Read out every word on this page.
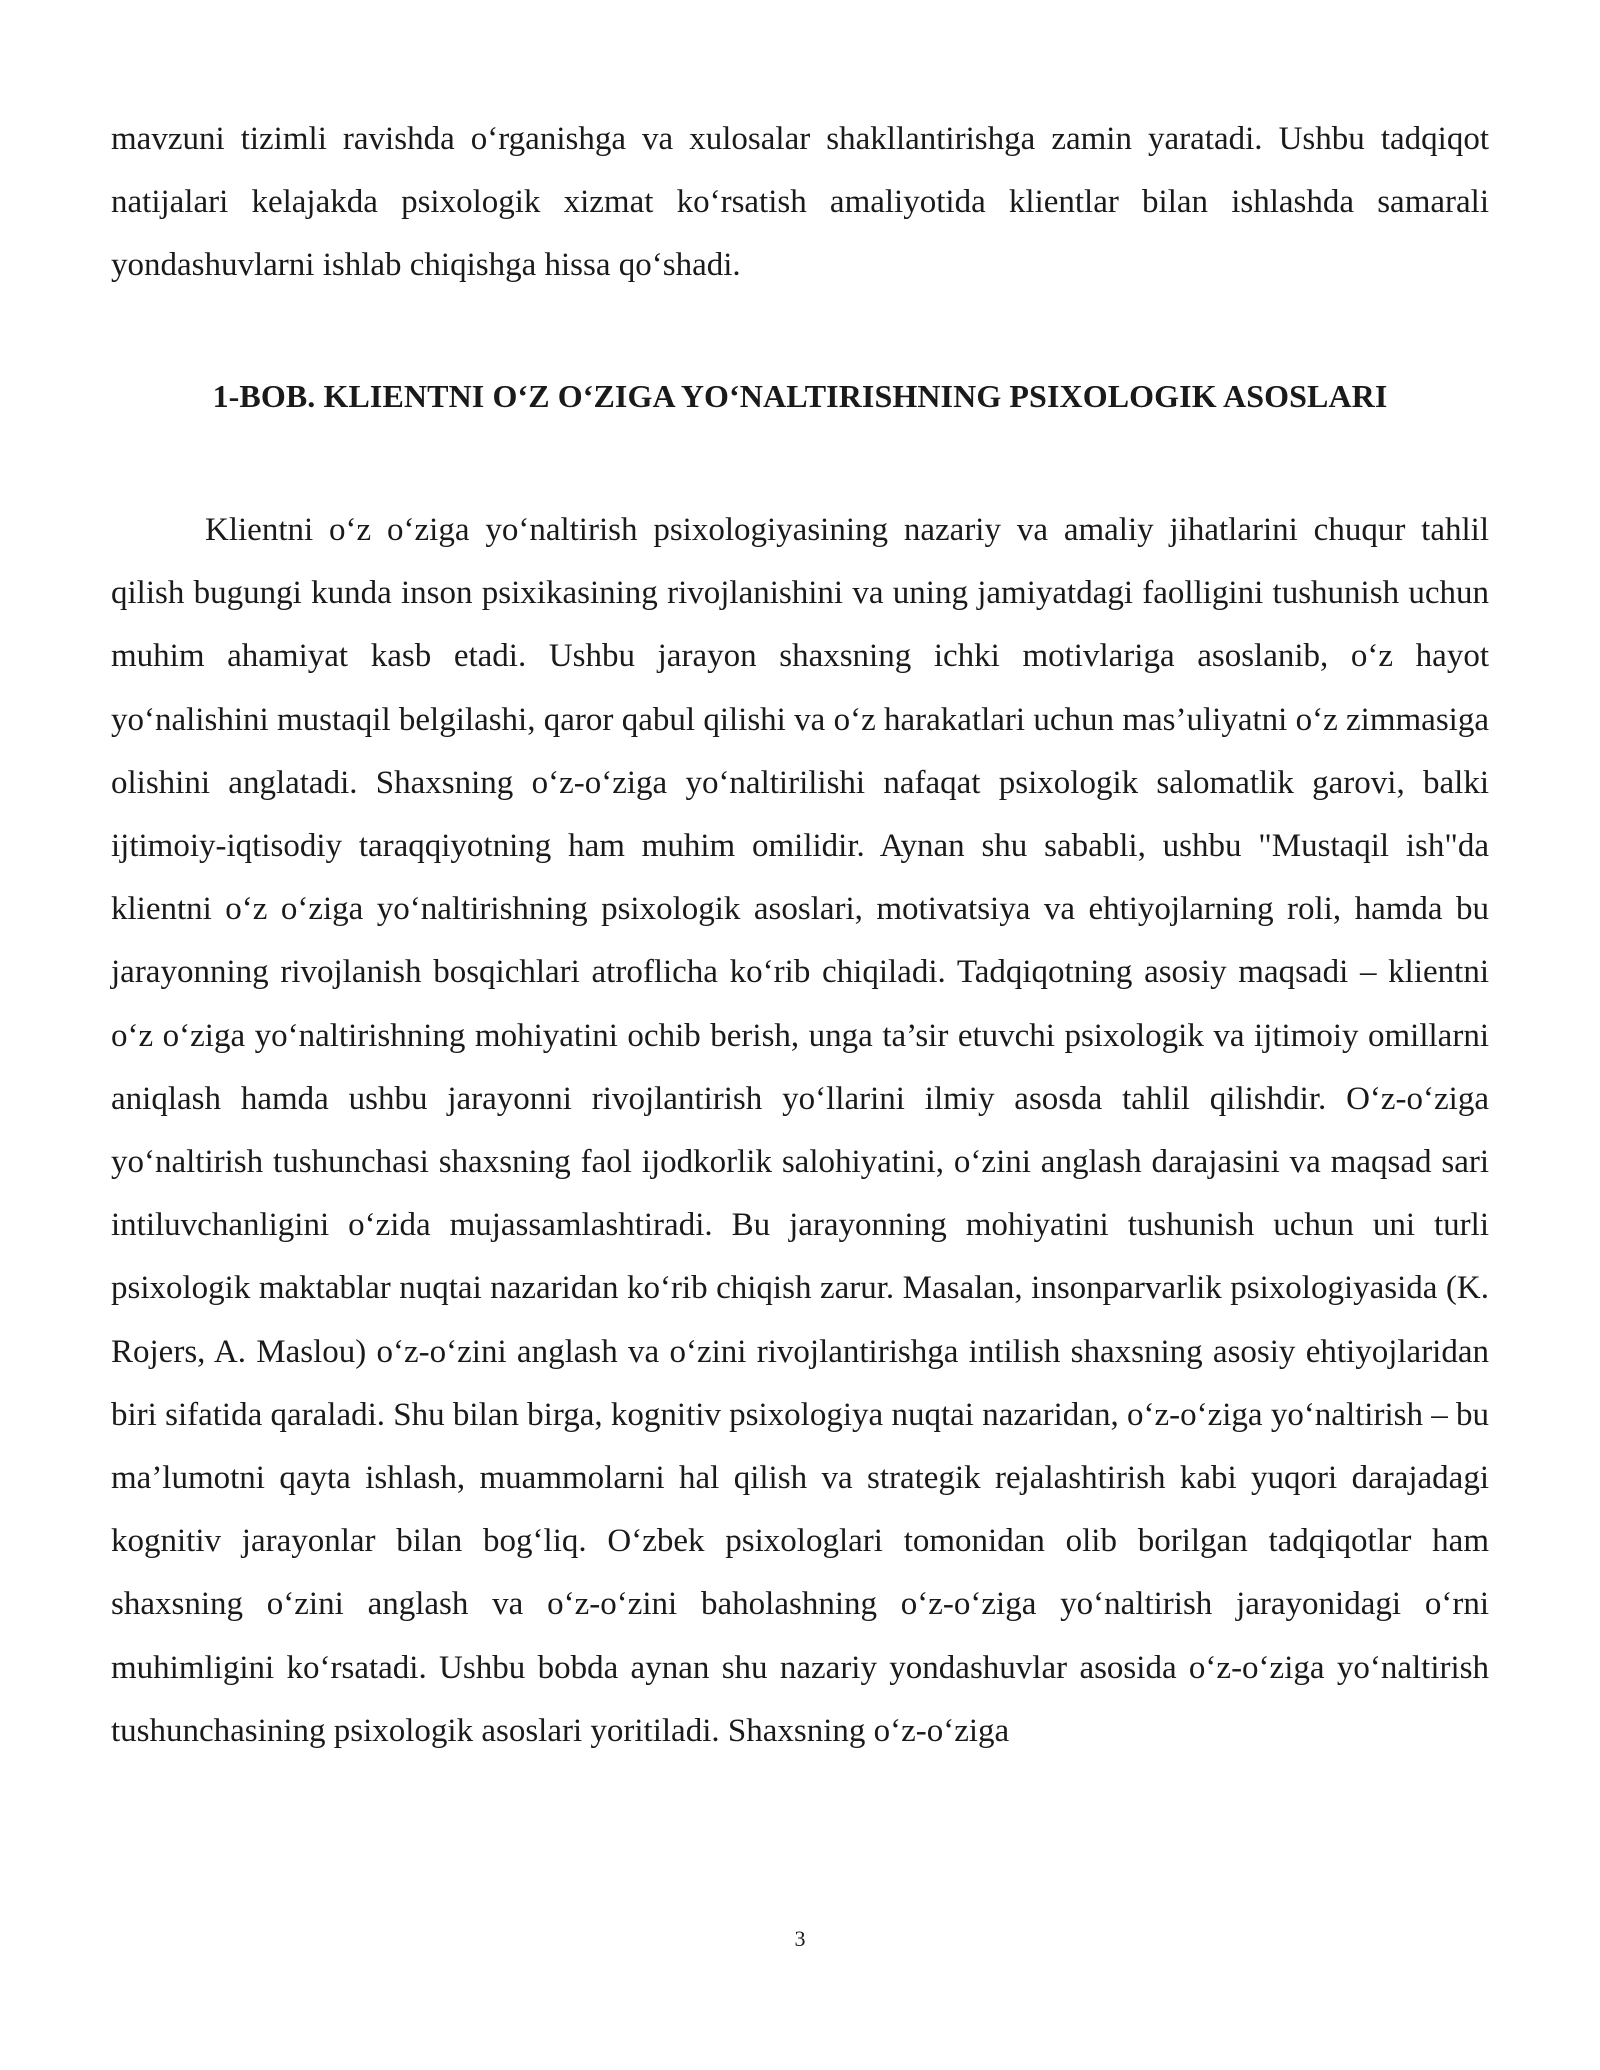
mavzuni tizimli ravishda o‘rganishga va xulosalar shakllantirishga zamin yaratadi. Ushbu tadqiqot natijalari kelajakda psixologik xizmat ko‘rsatish amaliyotida klientlar bilan ishlashda samarali yondashuvlarni ishlab chiqishga hissa qo‘shadi.

1-BOB. KLIENTNI O‘Z O‘ZIGA YO‘NALTIRISHNING PSIXOLOGIK ASOSLARI

Klientni o‘z o‘ziga yo‘naltirish psixologiyasining nazariy va amaliy jihatlarini chuqur tahlil qilish bugungi kunda inson psixikasining rivojlanishini va uning jamiyatdagi faolligini tushunish uchun muhim ahamiyat kasb etadi. Ushbu jarayon shaxsning ichki motivlariga asoslanib, o‘z hayot yo‘nalishini mustaqil belgilashi, qaror qabul qilishi va o‘z harakatlari uchun mas’uliyatni o‘z zimmasiga olishini anglatadi. Shaxsning o‘z-o‘ziga yo‘naltirilishi nafaqat psixologik salomatlik garovi, balki ijtimoiy-iqtisodiy taraqqiyotning ham muhim omilidir. Aynan shu sababli, ushbu "Mustaqil ish"da klientni o‘z o‘ziga yo‘naltirishning psixologik asoslari, motivatsiya va ehtiyojlarning roli, hamda bu jarayonning rivojlanish bosqichlari atroflicha ko‘rib chiqiladi. Tadqiqotning asosiy maqsadi – klientni o‘z o‘ziga yo‘naltirishning mohiyatini ochib berish, unga ta’sir etuvchi psixologik va ijtimoiy omillarni aniqlash hamda ushbu jarayonni rivojlantirish yo‘llarini ilmiy asosda tahlil qilishdir. O‘z-o‘ziga yo‘naltirish tushunchasi shaxsning faol ijodkorlik salohiyatini, o‘zini anglash darajasini va maqsad sari intiluvchanligini o‘zida mujassamlashtiradi. Bu jarayonning mohiyatini tushunish uchun uni turli psixologik maktablar nuqtai nazaridan ko‘rib chiqish zarur. Masalan, insonparvarlik psixologiyasida (K. Rojers, A. Maslou) o‘z-o‘zini anglash va o‘zini rivojlantirishga intilish shaxsning asosiy ehtiyojlaridan biri sifatida qaraladi. Shu bilan birga, kognitiv psixologiya nuqtai nazaridan, o‘z-o‘ziga yo‘naltirish – bu ma’lumotni qayta ishlash, muammolarni hal qilish va strategik rejalashtirish kabi yuqori darajadagi kognitiv jarayonlar bilan bog‘liq. O‘zbek psixologlari tomonidan olib borilgan tadqiqotlar ham shaxsning o‘zini anglash va o‘z-o‘zini baholashning o‘z-o‘ziga yo‘naltirish jarayonidagi o‘rni muhimligini ko‘rsatadi. Ushbu bobda aynan shu nazariy yondashuvlar asosida o‘z-o‘ziga yo‘naltirish tushunchasining psixologik asoslari yoritiladi. Shaxsning o‘z-o‘ziga

3
